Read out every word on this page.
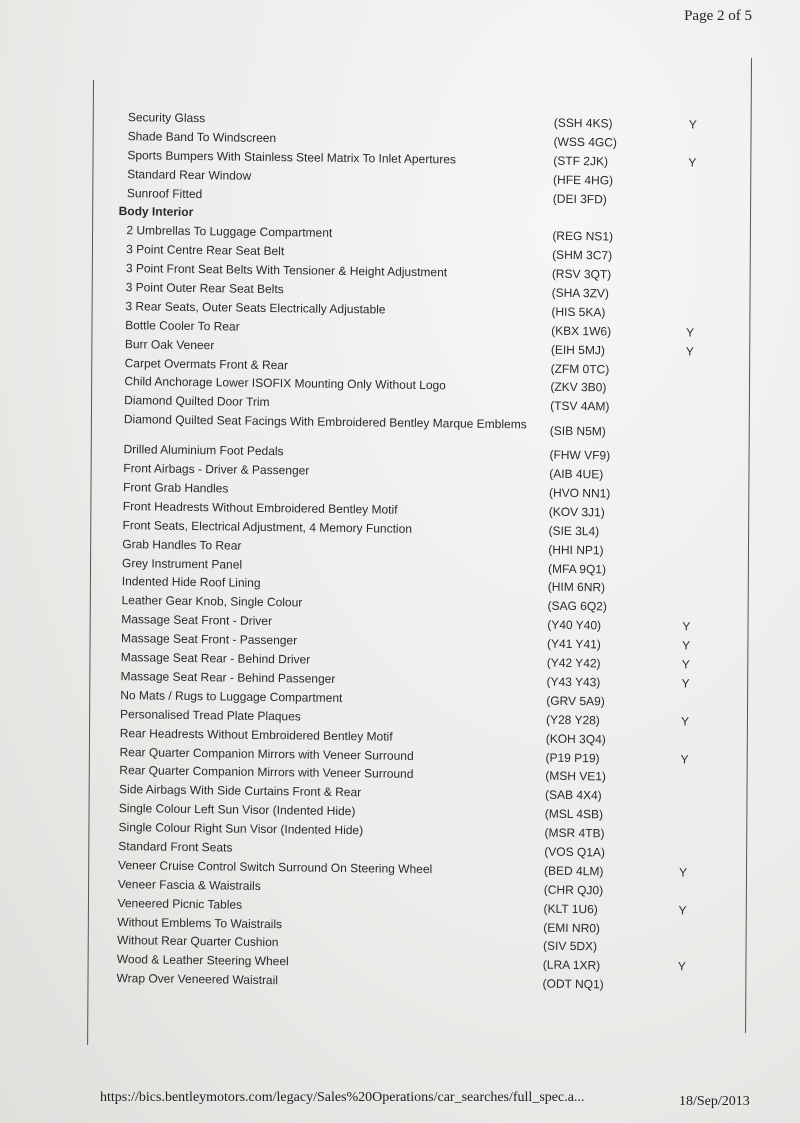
Page 2 of 5
Security Glass	(SSH 4KS)	Y
Shade Band To Windscreen	(WSS 4GC)
Sports Bumpers With Stainless Steel Matrix To Inlet Apertures	(STF 2JK)	Y
Standard Rear Window	(HFE 4HG)
Sunroof Fitted	(DEI 3FD)
Body Interior
2 Umbrellas To Luggage Compartment	(REG NS1)
3 Point Centre Rear Seat Belt	(SHM 3C7)
3 Point Front Seat Belts With Tensioner & Height Adjustment	(RSV 3QT)
3 Point Outer Rear Seat Belts	(SHA 3ZV)
3 Rear Seats, Outer Seats Electrically Adjustable	(HIS 5KA)
Bottle Cooler To Rear	(KBX 1W6)	Y
Burr Oak Veneer	(EIH 5MJ)	Y
Carpet Overmats Front & Rear	(ZFM 0TC)
Child Anchorage Lower ISOFIX Mounting Only Without Logo	(ZKV 3B0)
Diamond Quilted Door Trim	(TSV 4AM)
Diamond Quilted Seat Facings With Embroidered Bentley Marque Emblems	(SIB N5M)
Drilled Aluminium Foot Pedals	(FHW VF9)
Front Airbags - Driver & Passenger	(AIB 4UE)
Front Grab Handles	(HVO NN1)
Front Headrests Without Embroidered Bentley Motif	(KOV 3J1)
Front Seats, Electrical Adjustment, 4 Memory Function	(SIE 3L4)
Grab Handles To Rear	(HHI NP1)
Grey Instrument Panel	(MFA 9Q1)
Indented Hide Roof Lining	(HIM 6NR)
Leather Gear Knob, Single Colour	(SAG 6Q2)
Massage Seat Front - Driver	(Y40 Y40)	Y
Massage Seat Front - Passenger	(Y41 Y41)	Y
Massage Seat Rear - Behind Driver	(Y42 Y42)	Y
Massage Seat Rear - Behind Passenger	(Y43 Y43)	Y
No Mats / Rugs to Luggage Compartment	(GRV 5A9)
Personalised Tread Plate Plaques	(Y28 Y28)	Y
Rear Headrests Without Embroidered Bentley Motif	(KOH 3Q4)
Rear Quarter Companion Mirrors with Veneer Surround	(P19 P19)	Y
Rear Quarter Companion Mirrors with Veneer Surround	(MSH VE1)
Side Airbags With Side Curtains Front & Rear	(SAB 4X4)
Single Colour Left Sun Visor (Indented Hide)	(MSL 4SB)
Single Colour Right Sun Visor (Indented Hide)	(MSR 4TB)
Standard Front Seats	(VOS Q1A)
Veneer Cruise Control Switch Surround On Steering Wheel	(BED 4LM)	Y
Veneer Fascia & Waistrails	(CHR QJ0)
Veneered Picnic Tables	(KLT 1U6)	Y
Without Emblems To Waistrails	(EMI NR0)
Without Rear Quarter Cushion	(SIV 5DX)
Wood & Leather Steering Wheel	(LRA 1XR)	Y
Wrap Over Veneered Waistrail	(ODT NQ1)
https://bics.bentleymotors.com/legacy/Sales%20Operations/car_searches/full_spec.a...	18/Sep/2013
